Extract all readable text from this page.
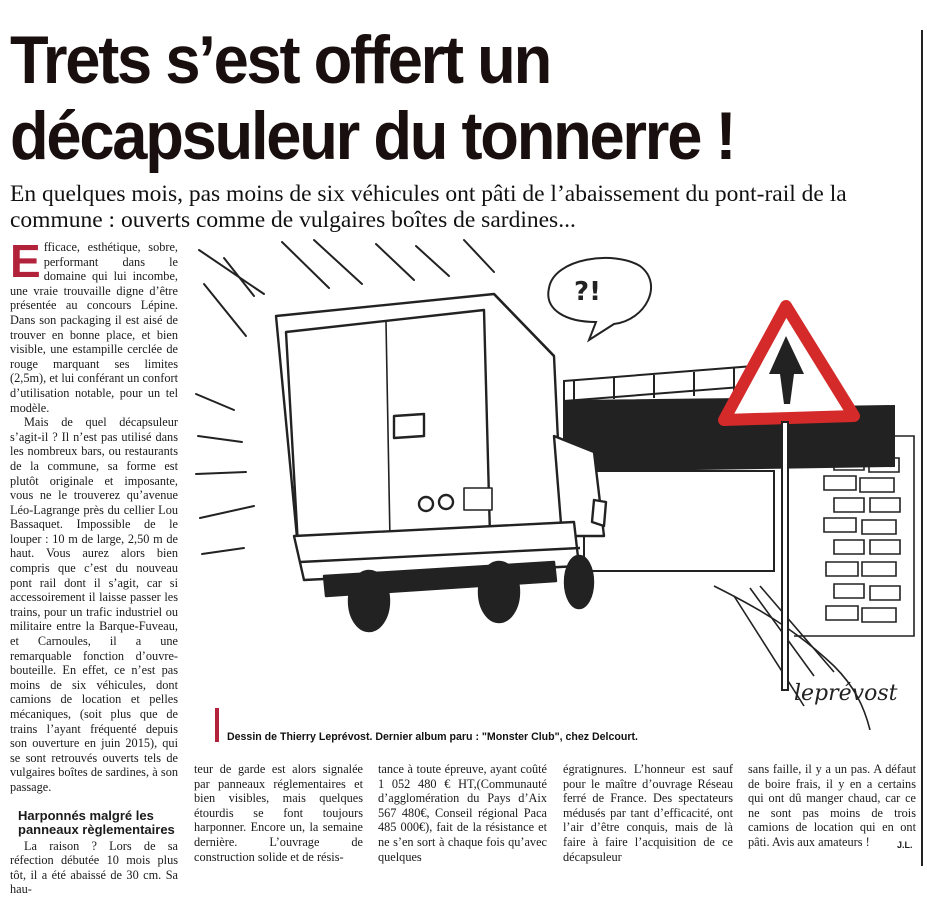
Trets s’est offert un
décapsuleur du tonnerre !
En quelques mois, pas moins de six véhicules ont pâti de l’abaissement du pont-rail de la commune : ouverts comme de vulgaires boîtes de sardines...

Efficace, esthétique, sobre, performant dans le domaine qui lui incombe, une vraie trouvaille digne d’être présentée au concours Lépine. Dans son packaging il est aisé de trouver en bonne place, et bien visible, une estampille cerclée de rouge marquant ses limites (2,5m), et lui conférant un confort d’utilisation notable, pour un tel modèle.

Mais de quel décapsuleur s’agit-il ? Il n’est pas utilisé dans les nombreux bars, ou restaurants de la commune, sa forme est plutôt originale et imposante, vous ne le trouverez qu’avenue Léo-Lagrange près du cellier Lou Bassaquet. Impossible de le louper : 10 m de large, 2,50 m de haut. Vous aurez alors bien compris que c’est du nouveau pont rail dont il s’agit, car si accessoirement il laisse passer les trains, pour un trafic industriel ou militaire entre la Barque-Fuveau, et Carnoules, il a une remarquable fonction d’ouvre-bouteille. En effet, ce n’est pas moins de six véhicules, dont camions de location et pelles mécaniques, (soit plus que de trains l’ayant fréquenté depuis son ouverture en juin 2015), qui se sont retrouvés ouverts tels de vulgaires boîtes de sardines, à son passage.

Harponnés malgré les panneaux règlementaires

La raison ? Lors de sa réfection débutée 10 mois plus tôt, il a été abaissé de 30 cm. Sa hau-

?!
leprévost
Dessin de Thierry Leprévost. Dernier album paru : "Monster Club", chez Delcourt.
teur de garde est alors signalée par panneaux réglementaires et bien visibles, mais quelques étourdis se font toujours harponner. Encore un, la semaine dernière. L’ouvrage de construction solide et de résis-
tance à toute épreuve, ayant coûté 1 052 480 € HT,(Communauté d’agglomération du Pays d’Aix 567 480€, Conseil régional Paca 485 000€), fait de la résistance et ne s’en sort à chaque fois qu’avec quelques
égratignures. L’honneur est sauf pour le maître d’ouvrage Réseau ferré de France. Des spectateurs médusés par tant d’efficacité, ont l’air d’être conquis, mais de là faire à faire l’acquisition de ce décapsuleur
sans faille, il y a un pas. A défaut de boire frais, il y en a certains qui ont dû manger chaud, car ce ne sont pas moins de trois camions de location qui en ont pâti. Avis aux amateurs !	J.L.
